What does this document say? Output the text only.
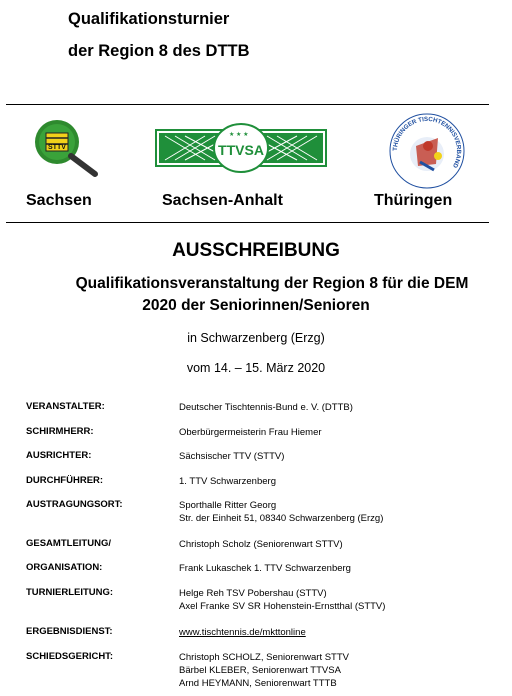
Qualifikationsturnier
der Region 8 des DTTB
STTV
★ ★ ★
TTVSA	THÜRINGER TISCHTENNISVERBAND
Sachsen	Sachsen-Anhalt	Thüringen
AUSSCHREIBUNG
Qualifikationsveranstaltung der Region 8 für die DEM
2020 der Seniorinnen/Senioren
in Schwarzenberg (Erzg)
vom 14. – 15. März 2020
VERANSTALTER:	Deutscher Tischtennis-Bund e. V. (DTTB)
SCHIRMHERR:	Oberbürgermeisterin Frau Hiemer
AUSRICHTER:	Sächsischer TTV (STTV)
DURCHFÜHRER:	1. TTV Schwarzenberg
AUSTRAGUNGSORT:	Sporthalle Ritter Georg
Str. der Einheit 51, 08340 Schwarzenberg (Erzg)
GESAMTLEITUNG/	Christoph Scholz (Seniorenwart STTV)
ORGANISATION:	Frank Lukaschek 1. TTV Schwarzenberg
TURNIERLEITUNG:	Helge Reh TSV Pobershau (STTV)
Axel Franke SV SR Hohenstein-Ernstthal (STTV)
ERGEBNISDIENST:	www.tischtennis.de/mkttonline
SCHIEDSGERICHT:	Christoph SCHOLZ, Seniorenwart STTV
Bärbel KLEBER, Seniorenwart TTVSA
Arnd HEYMANN, Seniorenwart TTTB
